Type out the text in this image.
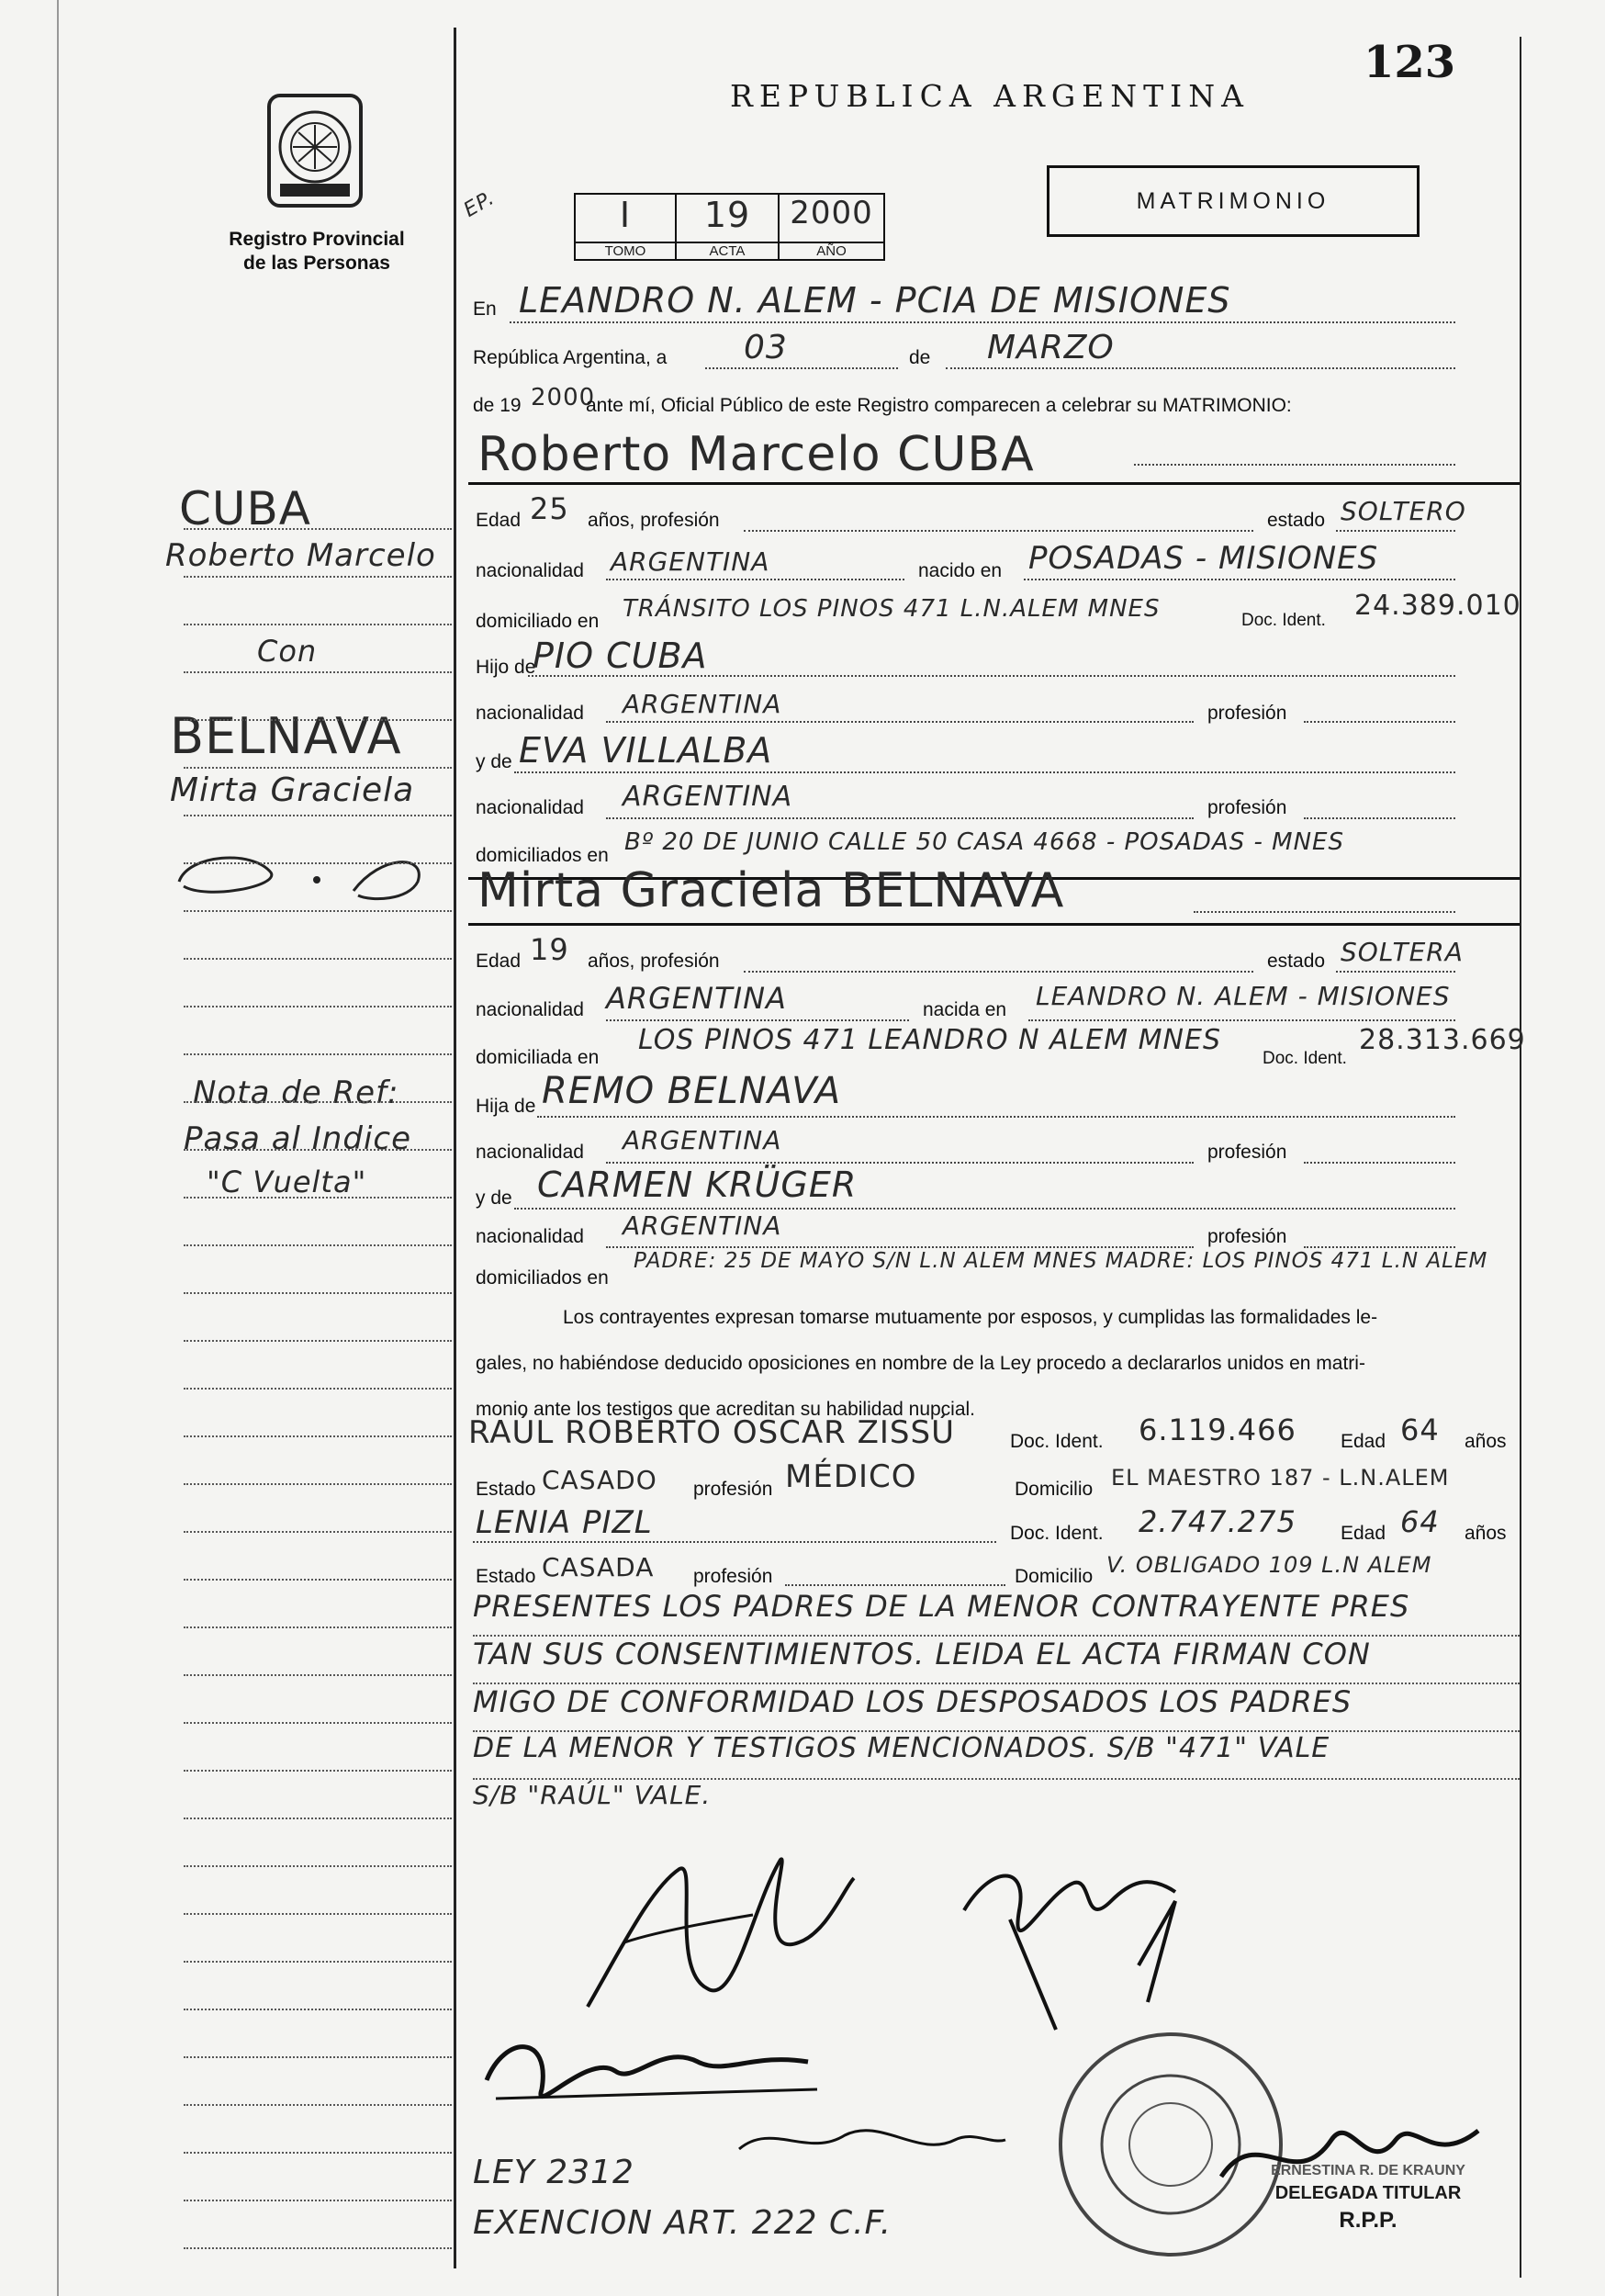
Registro Provincial
de las Personas
REPUBLICA ARGENTINA
123
MATRIMONIO
EP.	I
TOMO
19
ACTA
2000
AÑO
En LEANDRO N. ALEM - PCIA DE MISIONES
República Argentina, a 03	de MARZO
de 19 2000
ante mí, Oficial Público de este Registro comparecen a celebrar su MATRIMONIO:
Roberto Marcelo CUBA
Edad 25 años, profesión	estado SOLTERO
nacionalidad ARGENTINA	nacido en POSADAS - MISIONES
domiciliado en TRÁNSITO LOS PINOS 471 L.N.ALEM MNES	Doc. Ident. 24.389.010
Hijo de
PIO CUBA
nacionalidad ARGENTINA	profesión
y de EVA VILLALBA
nacionalidad ARGENTINA	profesión
domiciliados en Bº 20 DE JUNIO CALLE 50 CASA 4668 - POSADAS - MNES
Mirta Graciela BELNAVA
Edad 19 años, profesión	estado SOLTERA
nacionalidad ARGENTINA	nacida en LEANDRO N. ALEM - MISIONES
domiciliada en
LOS PINOS 471 LEANDRO N ALEM MNES
Doc. Ident.
28.313.669
Hija de REMO BELNAVA
nacionalidad ARGENTINA	profesión
y de CARMEN KRÜGER
nacionalidad ARGENTINA	profesión
domiciliados en
PADRE: 25 DE MAYO S/N L.N ALEM MNES MADRE: LOS PINOS 471 L.N ALEM
Los contrayentes expresan tomarse mutuamente por esposos, y cumplidas las formalidades le-
gales, no habiéndose deducido oposiciones en nombre de la Ley procedo a declararlos unidos en matri-
monio ante los testigos que acreditan su habilidad nupcial.
RAÚL ROBERTO OSCAR ZISSÚ	Doc. Ident. 6.119.466 Edad 64 años
Estado CASADO profesión MÉDICO	Domicilio EL MAESTRO 187 - L.N.ALEM
LENIA PIZL	Doc. Ident. 2.747.275 Edad 64 años
Estado CASADA profesión	Domicilio V. OBLIGADO 109 L.N ALEM
PRESENTES LOS PADRES DE LA MENOR CONTRAYENTE PRES
TAN SUS CONSENTIMIENTOS. LEIDA EL ACTA FIRMAN CON
MIGO DE CONFORMIDAD LOS DESPOSADOS LOS PADRES
DE LA MENOR Y TESTIGOS MENCIONADOS. S/B "471" VALE
S/B "RAÚL" VALE.
ERNESTINA R. DE KRAUNY
DELEGADA TITULAR
R.P.P.
LEY 2312
EXENCION ART. 222 C.F.
CUBA
Roberto Marcelo
Con
BELNAVA
Mirta Graciela
Nota de Ref:
Pasa al Indice
"C Vuelta"
